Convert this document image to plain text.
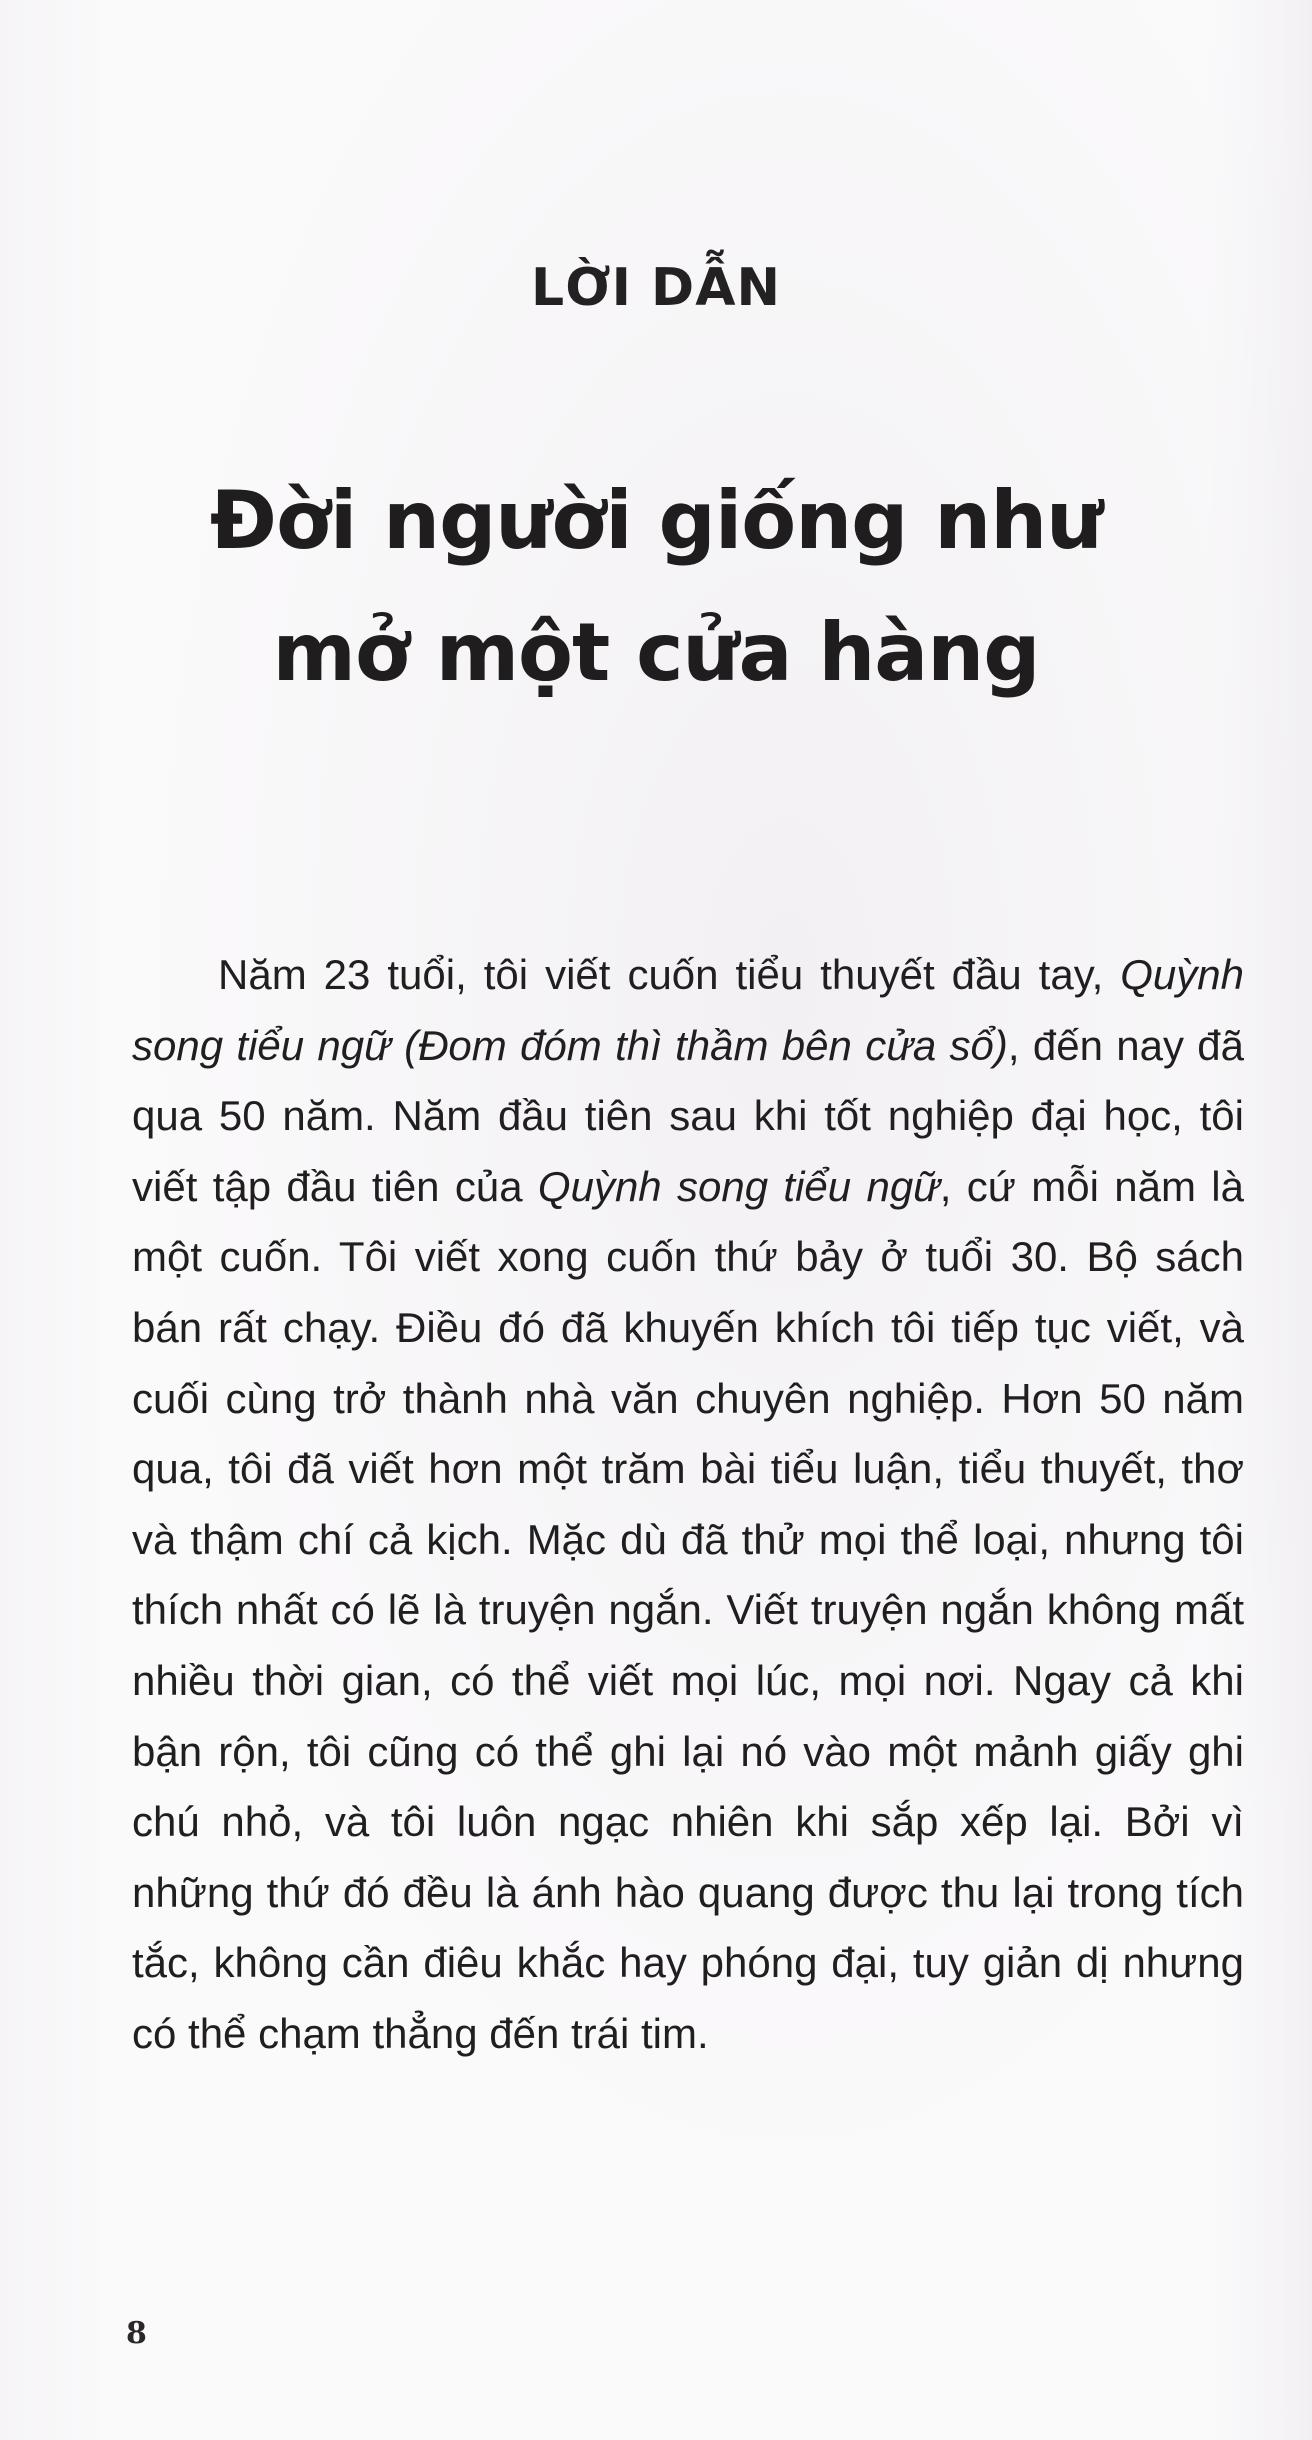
LỜI DẪN
Đời người giống như
mở một cửa hàng

Năm 23 tuổi, tôi viết cuốn tiểu thuyết đầu tay, Quỳnh song tiểu ngữ (Đom đóm thì thầm bên cửa sổ), đến nay đã qua 50 năm. Năm đầu tiên sau khi tốt nghiệp đại học, tôi viết tập đầu tiên của Quỳnh song tiểu ngữ, cứ mỗi năm là một cuốn. Tôi viết xong cuốn thứ bảy ở tuổi 30. Bộ sách bán rất chạy. Điều đó đã khuyến khích tôi tiếp tục viết, và cuối cùng trở thành nhà văn chuyên nghiệp. Hơn 50 năm qua, tôi đã viết hơn một trăm bài tiểu luận, tiểu thuyết, thơ và thậm chí cả kịch. Mặc dù đã thử mọi thể loại, nhưng tôi thích nhất có lẽ là truyện ngắn. Viết truyện ngắn không mất nhiều thời gian, có thể viết mọi lúc, mọi nơi. Ngay cả khi bận rộn, tôi cũng có thể ghi lại nó vào một mảnh giấy ghi chú nhỏ, và tôi luôn ngạc nhiên khi sắp xếp lại. Bởi vì những thứ đó đều là ánh hào quang được thu lại trong tích tắc, không cần điêu khắc hay phóng đại, tuy giản dị nhưng có thể chạm thẳng đến trái tim.

8
